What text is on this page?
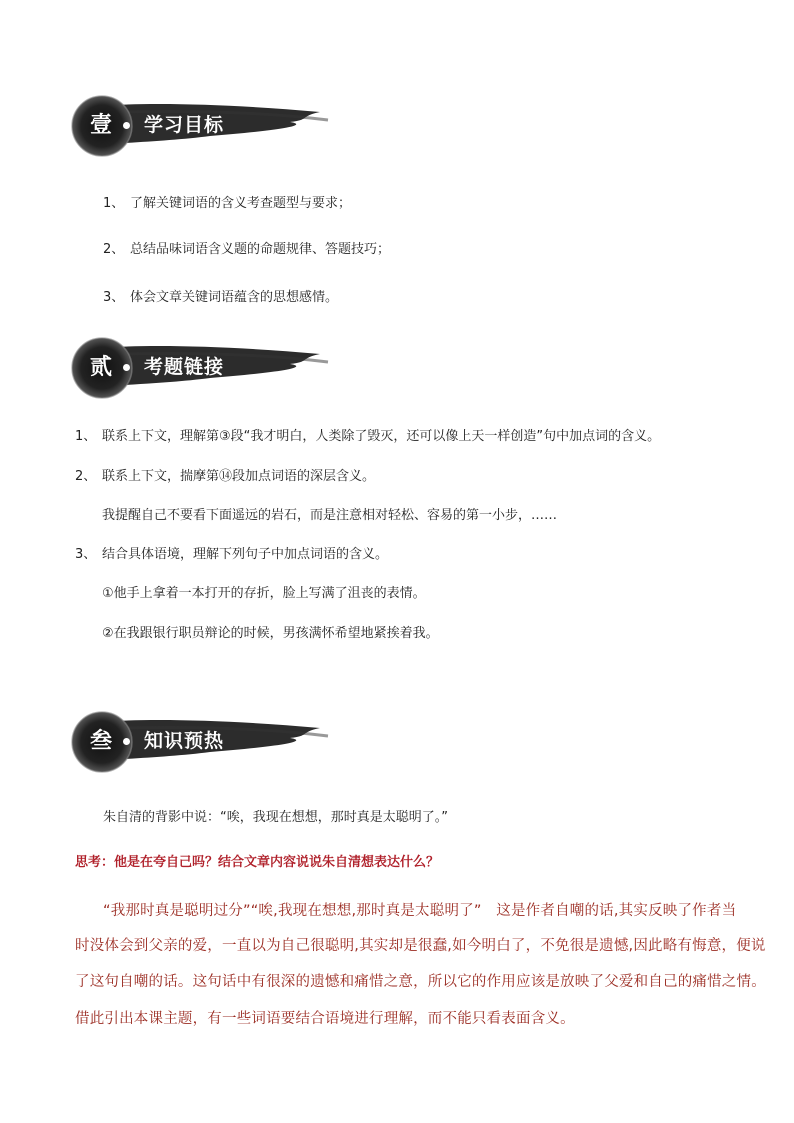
壹 学习目标
1、 了解关键词语的含义考查题型与要求；
2、 总结品味词语含义题的命题规律、答题技巧；
3、 体会文章关键词语蕴含的思想感情。
贰 考题链接
1、 联系上下文，理解第③段“我才明白，人类除了毁灭，还可以像上天一样创造”句中加点词的含义。
2、 联系上下文，揣摩第⑭段加点词语的深层含义。
我提醒自己不要看下面遥远的岩石，而是注意相对轻松、容易的第一小步，……
3、 结合具体语境，理解下列句子中加点词语的含义。
①他手上拿着一本打开的存折，脸上写满了沮丧的表情。
②在我跟银行职员辩论的时候，男孩满怀希望地紧挨着我。
叁 知识预热
朱自清的背影中说：“唉，我现在想想，那时真是太聪明了。”
思考：他是在夸自己吗？结合文章内容说说朱自清想表达什么？
“我那时真是聪明过分”“唉,我现在想想,那时真是太聪明了”　这是作者自嘲的话,其实反映了作者当
时没体会到父亲的爱，一直以为自己很聪明,其实却是很蠢,如今明白了，不免很是遗憾,因此略有悔意，便说
了这句自嘲的话。这句话中有很深的遗憾和痛惜之意，所以它的作用应该是放映了父爱和自己的痛惜之情。
借此引出本课主题，有一些词语要结合语境进行理解，而不能只看表面含义。
